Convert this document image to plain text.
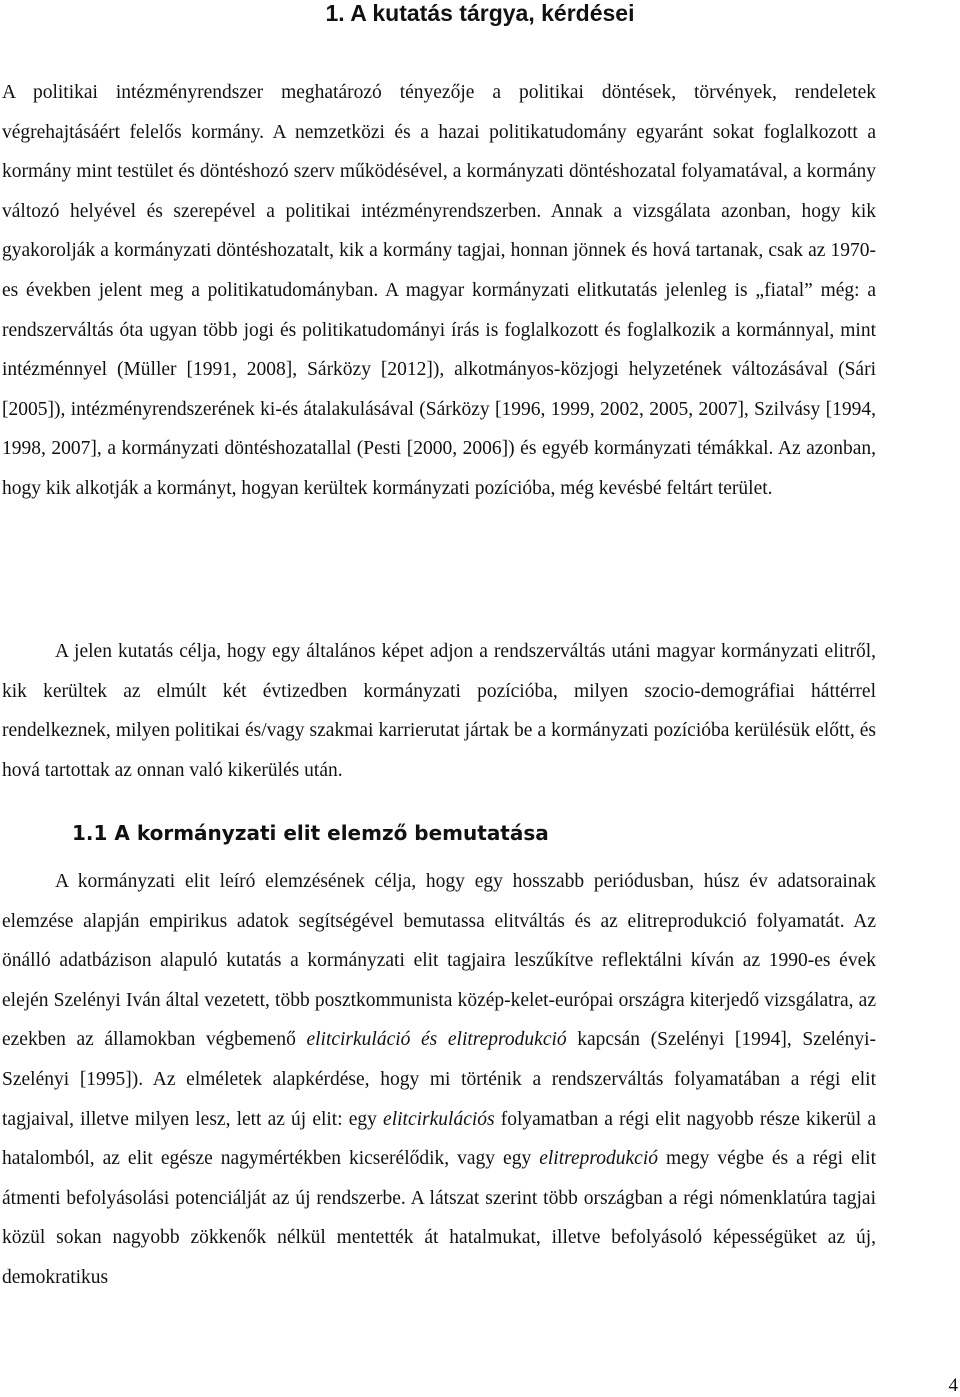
1. A kutatás tárgya, kérdései

A politikai intézményrendszer meghatározó tényezője a politikai döntések, törvények, rendeletek végrehajtásáért felelős kormány. A nemzetközi és a hazai politikatudomány egyaránt sokat foglalkozott a kormány mint testület és döntéshozó szerv működésével, a kormányzati döntéshozatal folyamatával, a kormány változó helyével és szerepével a politikai intézményrendszerben. Annak a vizsgálata azonban, hogy kik gyakorolják a kormányzati döntéshozatalt, kik a kormány tagjai, honnan jönnek és hová tartanak, csak az 1970-es években jelent meg a politikatudományban. A magyar kormányzati elitkutatás jelenleg is „fiatal” még: a rendszerváltás óta ugyan több jogi és politikatudományi írás is foglalkozott és foglalkozik a kormánnyal, mint intézménnyel (Müller [1991, 2008], Sárközy [2012]), alkotmányos-közjogi helyzetének változásával (Sári [2005]), intézményrendszerének ki-és átalakulásával (Sárközy [1996, 1999, 2002, 2005, 2007], Szilvásy [1994, 1998, 2007], a kormányzati döntéshozatallal (Pesti [2000, 2006]) és egyéb kormányzati témákkal. Az azonban, hogy kik alkotják a kormányt, hogyan kerültek kormányzati pozícióba, még kevésbé feltárt terület.

A jelen kutatás célja, hogy egy általános képet adjon a rendszerváltás utáni magyar kormányzati elitről, kik kerültek az elmúlt két évtizedben kormányzati pozícióba, milyen szocio-demográfiai háttérrel rendelkeznek, milyen politikai és/vagy szakmai karrierutat jártak be a kormányzati pozícióba kerülésük előtt, és hová tartottak az onnan való kikerülés után.

1.1 A kormányzati elit elemző bemutatása

A kormányzati elit leíró elemzésének célja, hogy egy hosszabb periódusban, húsz év adatsorainak elemzése alapján empirikus adatok segítségével bemutassa elitváltás és az elitreprodukció folyamatát. Az önálló adatbázison alapuló kutatás a kormányzati elit tagjaira leszűkítve reflektálni kíván az 1990-es évek elején Szelényi Iván által vezetett, több posztkommunista közép-kelet-európai országra kiterjedő vizsgálatra, az ezekben az államokban végbemenő elitcirkuláció és elitreprodukció kapcsán (Szelényi [1994], Szelényi-Szelényi [1995]). Az elméletek alapkérdése, hogy mi történik a rendszerváltás folyamatában a régi elit tagjaival, illetve milyen lesz, lett az új elit: egy elitcirkulációs folyamatban a régi elit nagyobb része kikerül a hatalomból, az elit egésze nagymértékben kicserélődik, vagy egy elitreprodukció megy végbe és a régi elit átmenti befolyásolási potenciálját az új rendszerbe. A látszat szerint több országban a régi nómenklatúra tagjai közül sokan nagyobb zökkenők nélkül mentették át hatalmukat, illetve befolyásoló képességüket az új, demokratikus

4
